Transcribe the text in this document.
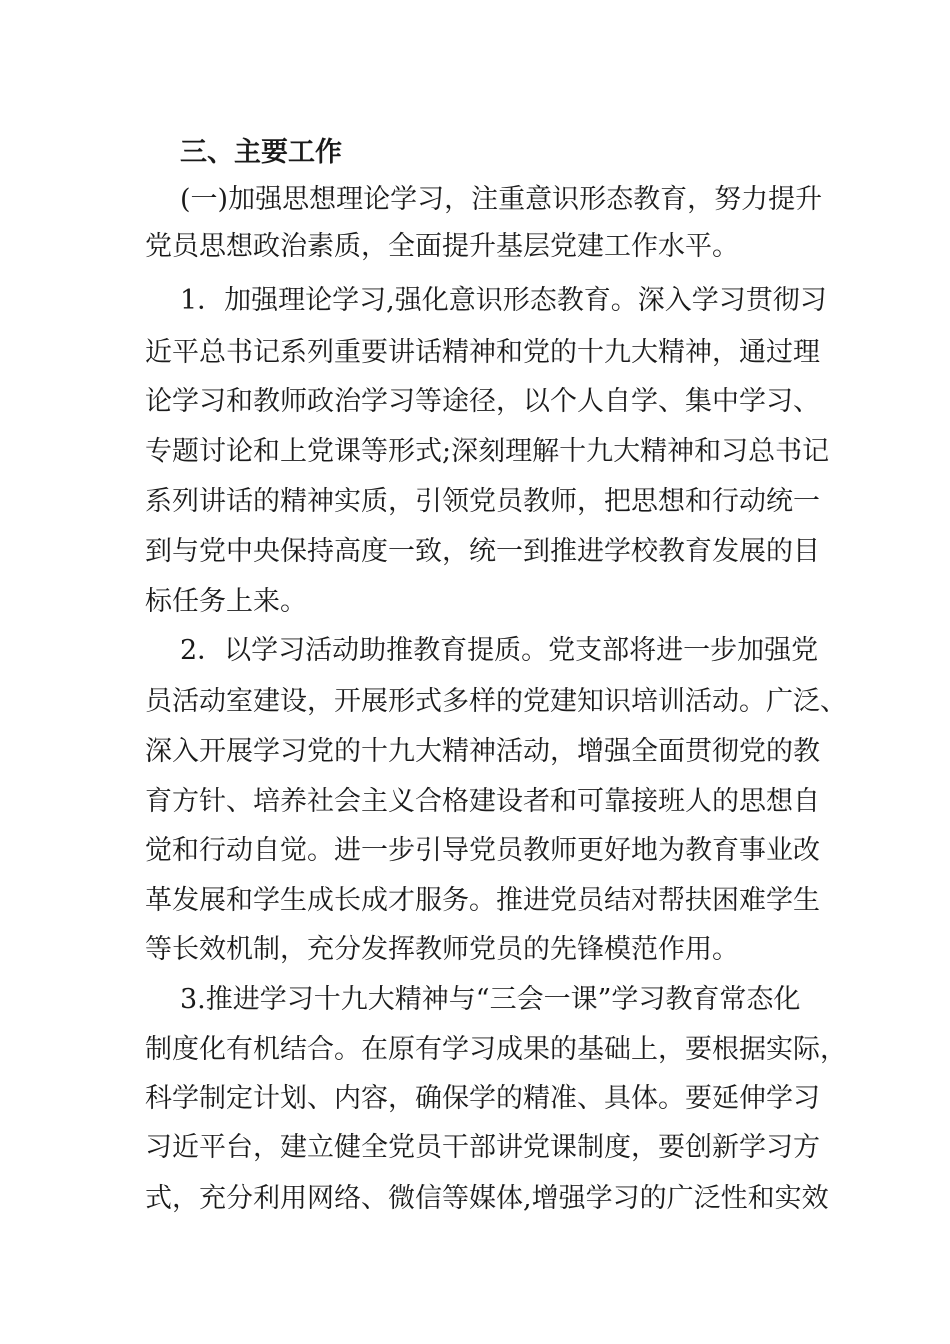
三、主要工作
(一)加强思想理论学习，注重意识形态教育，努力提升
党员思想政治素质，全面提升基层党建工作水平。
1．加强理论学习,强化意识形态教育。深入学习贯彻习
近平总书记系列重要讲话精神和党的十九大精神，通过理
论学习和教师政治学习等途径，以个人自学、集中学习、
专题讨论和上党课等形式;深刻理解十九大精神和习总书记
系列讲话的精神实质，引领党员教师，把思想和行动统一
到与党中央保持高度一致，统一到推进学校教育发展的目
标任务上来。
2．以学习活动助推教育提质。党支部将进一步加强党
员活动室建设，开展形式多样的党建知识培训活动。广泛、
深入开展学习党的十九大精神活动，增强全面贯彻党的教
育方针、培养社会主义合格建设者和可靠接班人的思想自
觉和行动自觉。进一步引导党员教师更好地为教育事业改
革发展和学生成长成才服务。推进党员结对帮扶困难学生
等长效机制，充分发挥教师党员的先锋模范作用。
3.推进学习十九大精神与“三会一课”学习教育常态化
制度化有机结合。在原有学习成果的基础上，要根据实际，
科学制定计划、内容，确保学的精准、具体。要延伸学习
习近平台，建立健全党员干部讲党课制度，要创新学习方
式，充分利用网络、微信等媒体,增强学习的广泛性和实效
